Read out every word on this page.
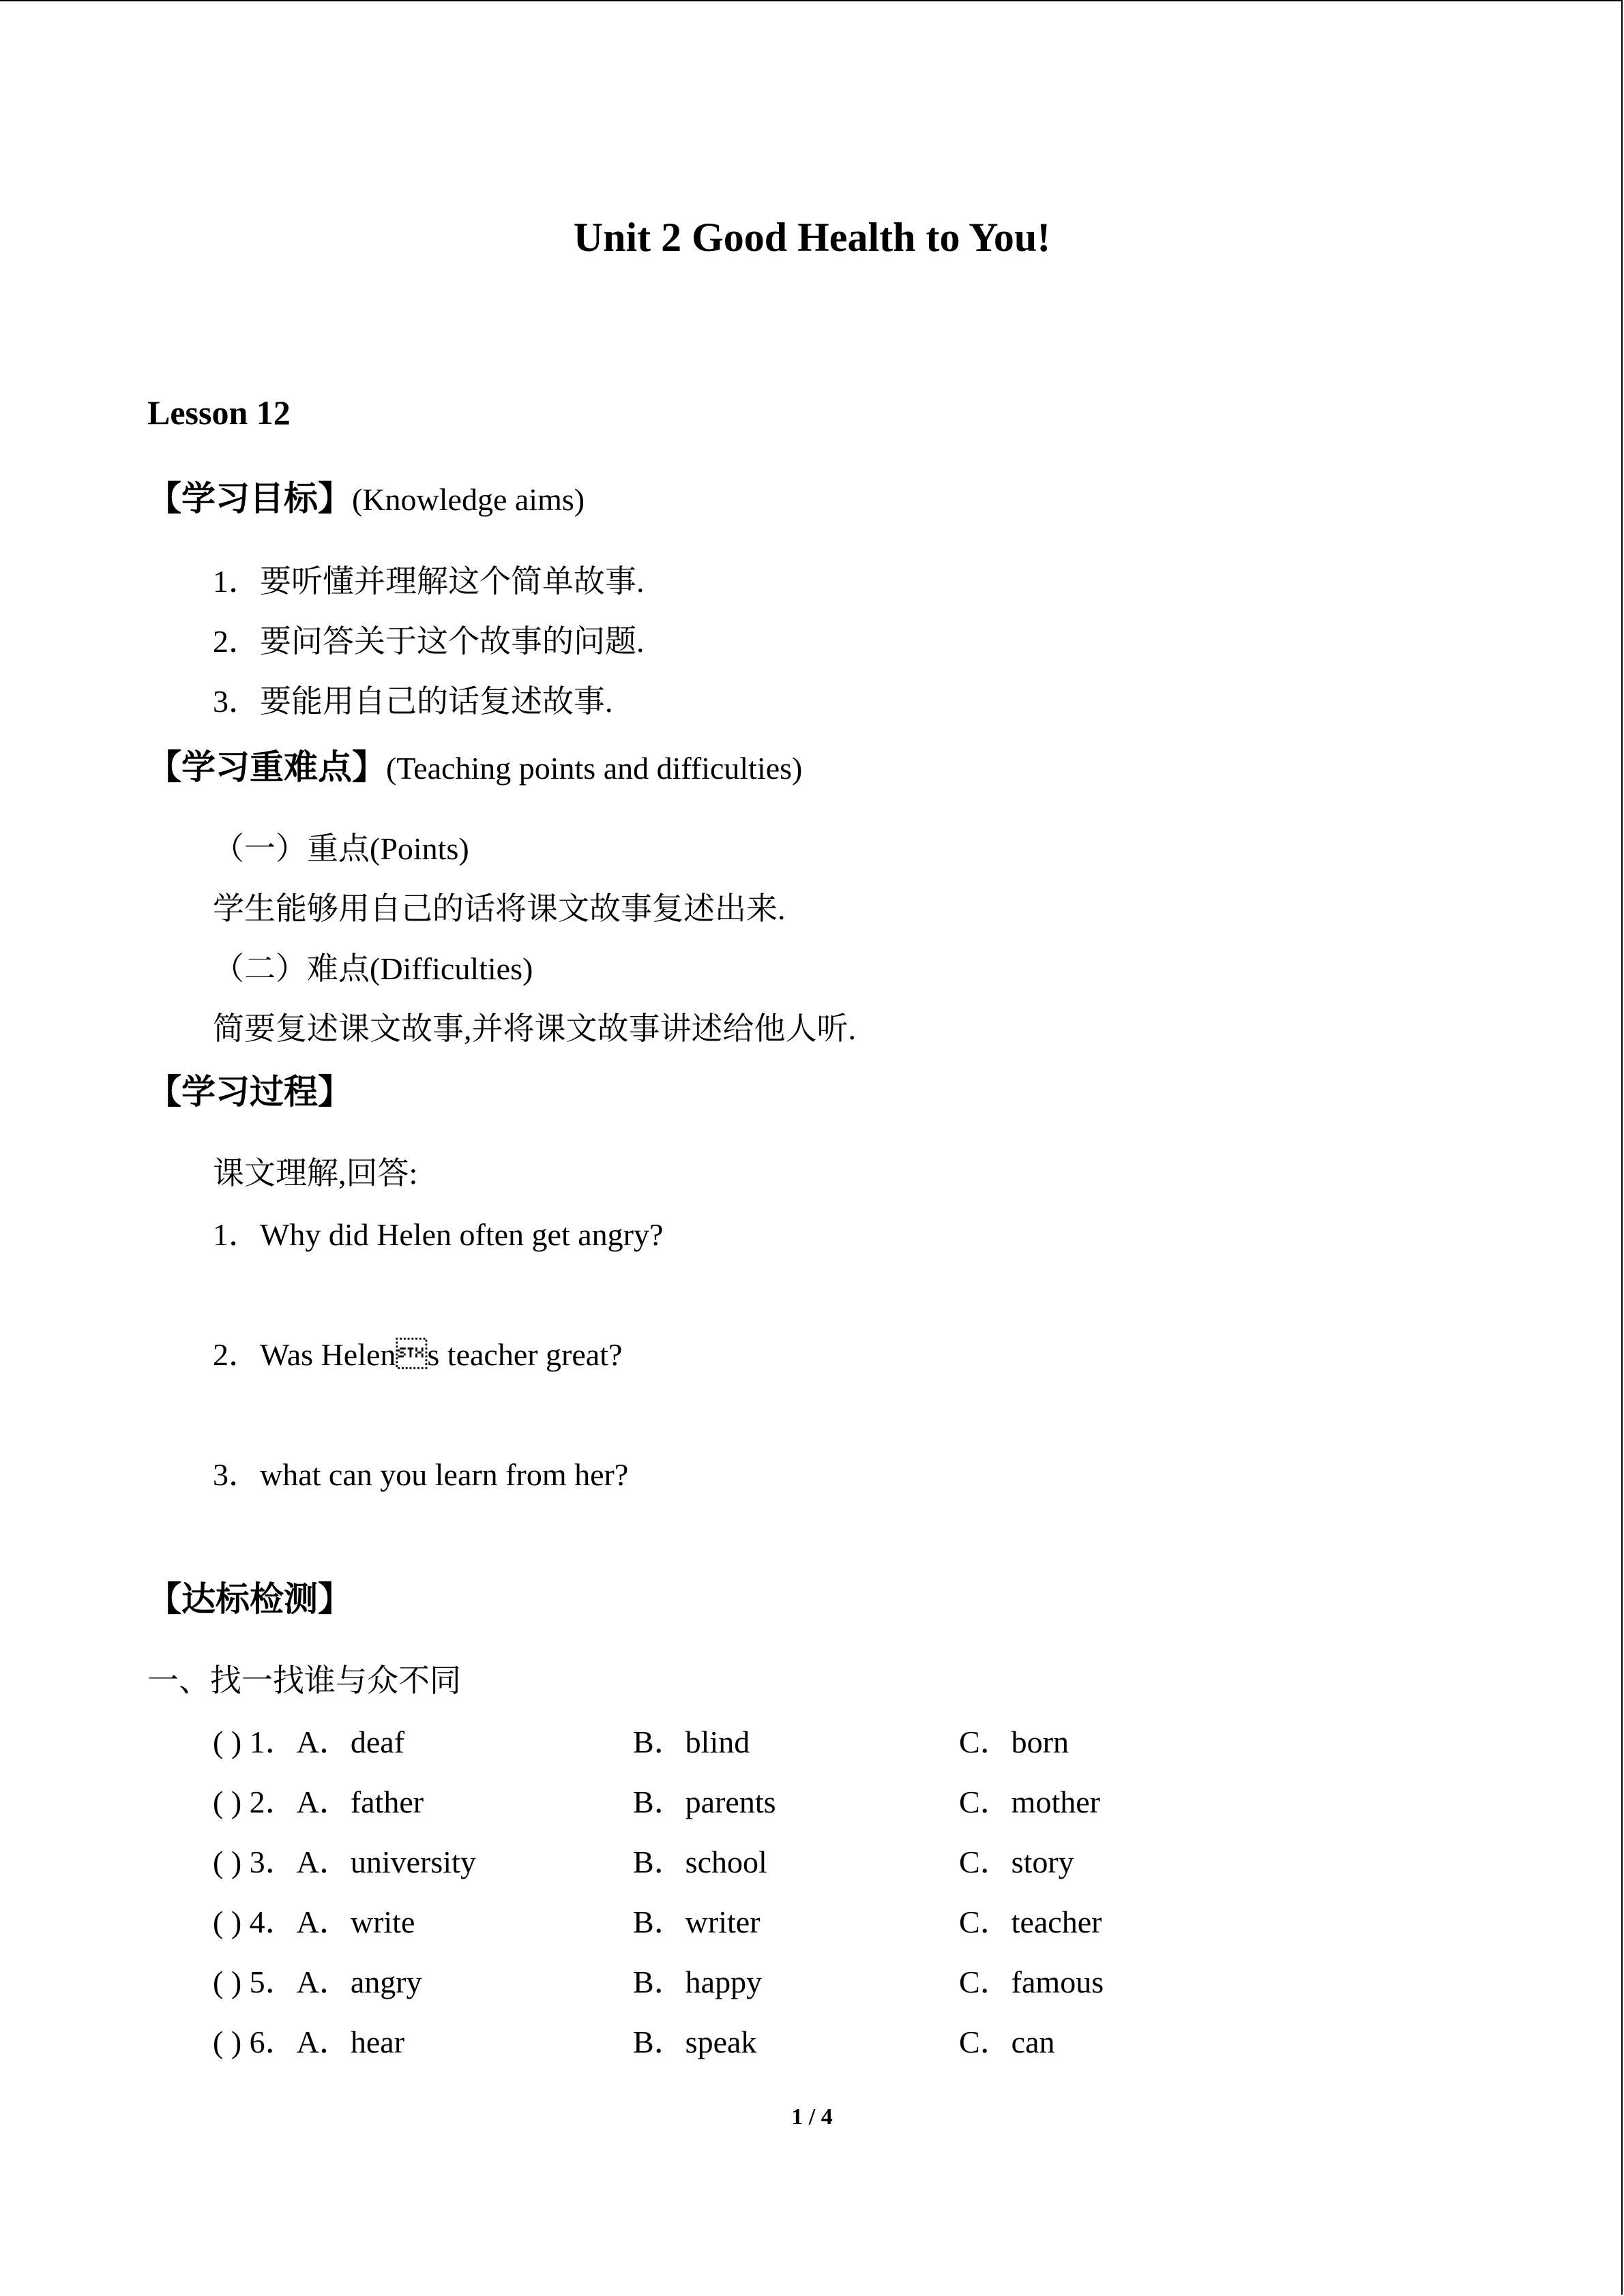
Unit 2 Good Health to You!
Lesson 12
【学习目标】(Knowledge aims)
1．要听懂并理解这个简单故事.
2．要问答关于这个故事的问题.
3．要能用自己的话复述故事.
【学习重难点】(Teaching points and difficulties)
（一）重点(Points)
学生能够用自己的话将课文故事复述出来.
（二）难点(Difficulties)
简要复述课文故事,并将课文故事讲述给他人听.
【学习过程】
课文理解,回答:
1．Why did Helen often get angry?
2．Was Helens teacher great?
3．what can you learn from her?
【达标检测】
一、找一找谁与众不同
( ) 1．A．deaf	B．blind	C．born
( ) 2．A．father	B．parents	C．mother
( ) 3．A．university	B．school	C．story
( ) 4．A．write	B．writer	C．teacher
( ) 5．A．angry	B．happy	C．famous
( ) 6．A．hear	B．speak	C．can
1 / 4
